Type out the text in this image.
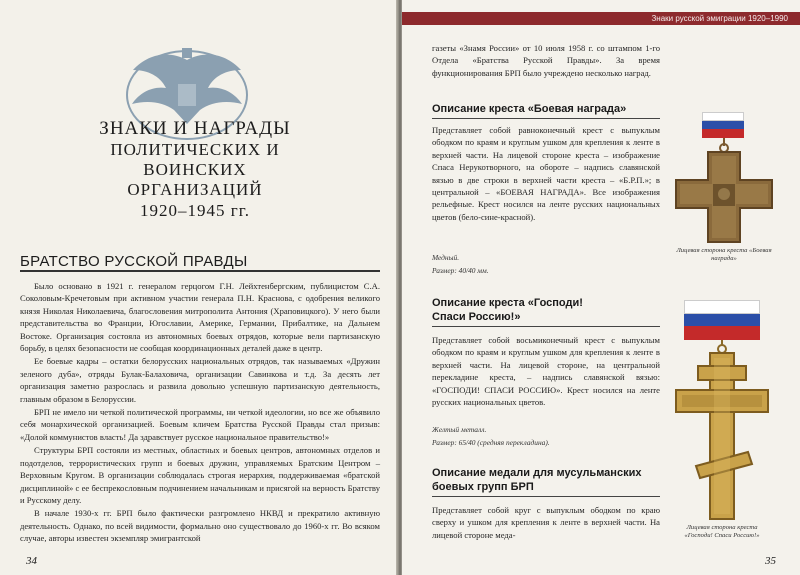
ЗНАКИ И НАГРАДЫ
ПОЛИТИЧЕСКИХ И ВОИНСКИХ
ОРГАНИЗАЦИЙ
1920–1945 гг.
БРАТСТВО РУССКОЙ ПРАВДЫ

Было основано в 1921 г. генералом герцогом Г.Н. Лейхтенбергским, публицистом С.А. Соколовым-Кречетовым при активном участии генерала П.Н. Краснова, с одобрения великого князя Николая Николаевича, благословения митрополита Антония (Храповицкого). У него были представительства во Франции, Югославии, Америке, Германии, Прибалтике, на Дальнем Востоке. Организация состояла из автономных боевых отрядов, которые вели партизанскую борьбу, в целях безопасности не сообщая координационных деталей даже в центр.

Ее боевые кадры – остатки белорусских национальных отрядов, так называемых «Дружин зеленого дуба», отряды Булак-Балаховича, организации Савинкова и т.д. За десять лет организация заметно разрослась и развила довольно успешную партизанскую деятельность, главным образом в Белоруссии.

БРП не имело ни четкой политической программы, ни четкой идеологии, но все же объявило себя монархической организацией. Боевым кличем Братства Русской Правды стал призыв: «Долой коммунистов власть! Да здравствует русское национальное правительство!»

Структуры БРП состояли из местных, областных и боевых центров, автономных отделов и подотделов, террористических групп и боевых дружин, управляемых Братским Центром – Верховным Кругом. В организации соблюдалась строгая иерархия, поддерживаемая «братской дисциплиной» с ее беспрекословным подчинением начальникам и присягой на верность Братству и Русскому делу.

В начале 1930-х гг. БРП было фактически разгромлено НКВД и прекратило активную деятельность. Однако, по всей видимости, формально оно существовало до 1960-х гг. Во всяком случае, авторы известен экземпляр эмигрантской

34
Знаки русской эмиграции 1920–1990
газеты «Знамя России» от 10 июля 1958 г. со штампом 1-го Отдела «Братства Русской Правды». За время функционирования БРП было учреждено несколько наград.
Описание креста «Боевая награда»
Представляет собой равноконечный крест с выпуклым ободком по краям и круглым ушком для крепления к ленте в верхней части. На лицевой стороне креста – изображение Спаса Нерукотворного, на обороте – надпись славянской вязью в две строки в верхней части креста – «Б.Р.П.»; в центральной – «БОЕВАЯ НАГРАДА». Все изображения рельефные. Крест носился на ленте русских национальных цветов (бело-сине-красной).
Медный.
Размер: 40/40 мм.
Лицевая сторона креста «Боевая награда»
Описание креста «Господи!
Спаси Россию!»
Представляет собой восьмиконечный крест с выпуклым ободком по краям и круглым ушком для крепления к ленте в верхней части. На лицевой стороне, на центральной перекладине креста, – надпись славянской вязью: «ГОСПОДИ! СПАСИ РОССИЮ». Крест носился на ленте русских национальных цветов.
Желтый металл.
Размер: 65/40 (средняя перекладина).
Лицевая сторона креста
«Господи! Спаси Россию!»
Описание медали для мусульманских
боевых групп БРП
Представляет собой круг с выпуклым ободком по краю сверху и ушком для крепления к ленте в верхней части. На лицевой стороне меда-
35
